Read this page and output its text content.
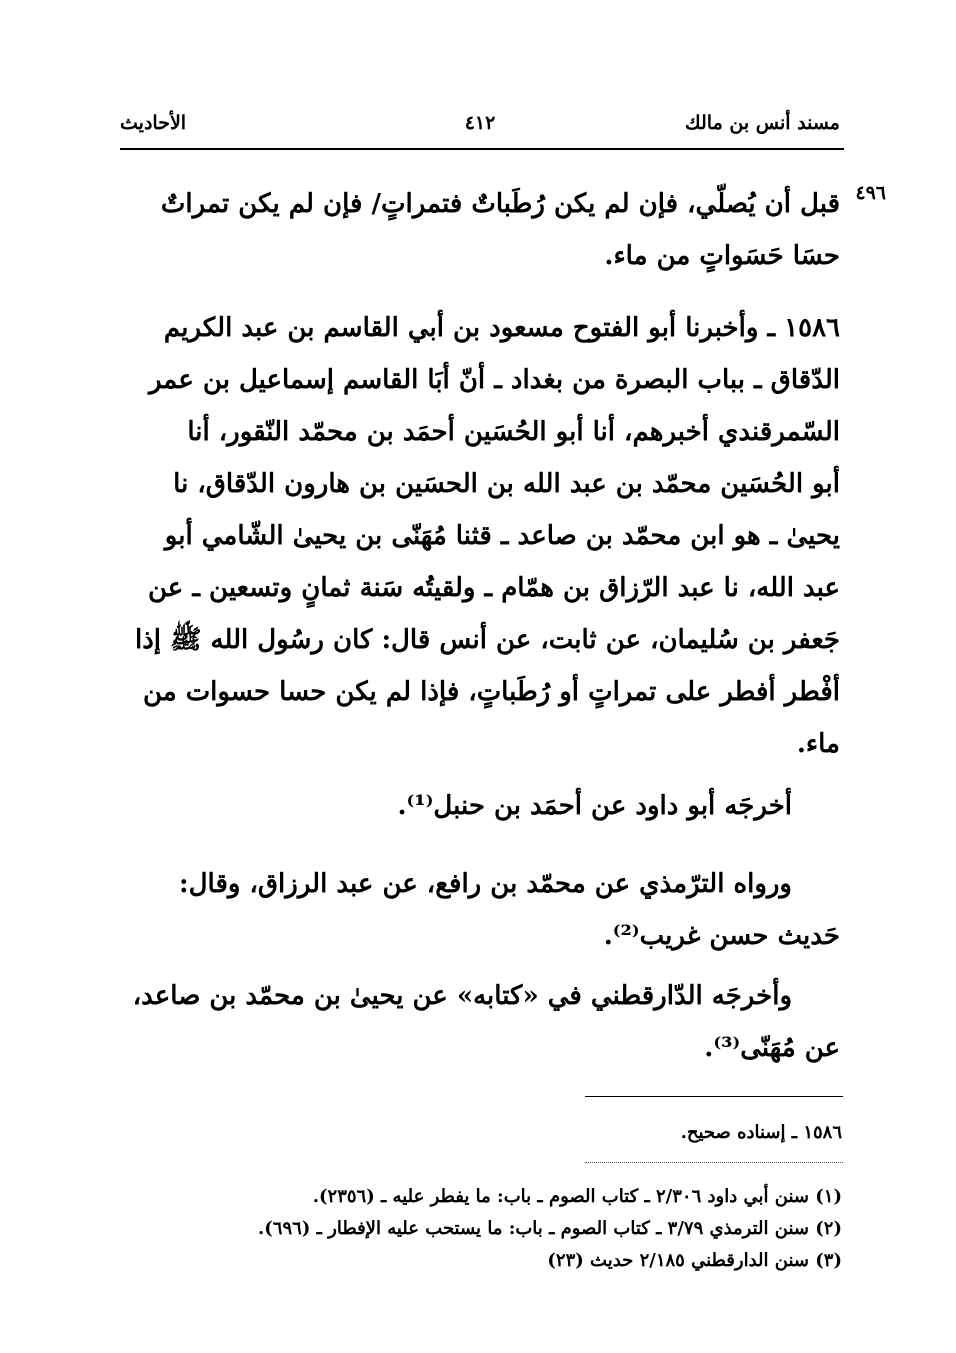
مسند أنس بن مالك
٤١٢
الأحاديث
٤٩٦
قبل أن يُصلّي، فإن لم يكن رُطَباتٌ فتمراتٍ/ فإن لم يكن تمراتٌ
حسَا حَسَواتٍ من ماء.
١٥٨٦ ـ وأخبرنا أبو الفتوح مسعود بن أبي القاسم بن عبد الكريم
الدّقاق ـ بباب البصرة من بغداد ـ أنّ أبَا القاسم إسماعيل بن عمر
السّمرقندي أخبرهم، أنا أبو الحُسَين أحمَد بن محمّد النّقور، أنا
أبو الحُسَين محمّد بن عبد الله بن الحسَين بن هارون الدّقاق، نا
يحيىٰ ـ هو ابن محمّد بن صاعد ـ قثنا مُهَنّى بن يحيىٰ الشّامي أبو
عبد الله، نا عبد الرّزاق بن همّام ـ ولقيتُه سَنة ثمانٍ وتسعين ـ عن
جَعفر بن سُليمان، عن ثابت، عن أنس قال: كان رسُول الله ﷺ إذا
أفْطر أفطر على تمراتٍ أو رُطَباتٍ، فإذا لم يكن حسا حسوات من
ماء.
أخرجَه أبو داود عن أحمَد بن حنبل⁽¹⁾.
ورواه الترّمذي عن محمّد بن رافع، عن عبد الرزاق، وقال:
حَديث حسن غريب⁽²⁾.
وأخرجَه الدّارقطني في «كتابه» عن يحيىٰ بن محمّد بن صاعد،
عن مُهَنّى⁽³⁾.
١٥٨٦ ـ إسناده صحيح.
(١) سنن أبي داود ٢/٣٠٦ ـ كتاب الصوم ـ باب: ما يفطر عليه ـ (٢٣٥٦).
(٢) سنن الترمذي ٣/٧٩ ـ كتاب الصوم ـ باب: ما يستحب عليه الإفطار ـ (٦٩٦).
(٣) سنن الدارقطني ٢/١٨٥ حديث (٢٣)
